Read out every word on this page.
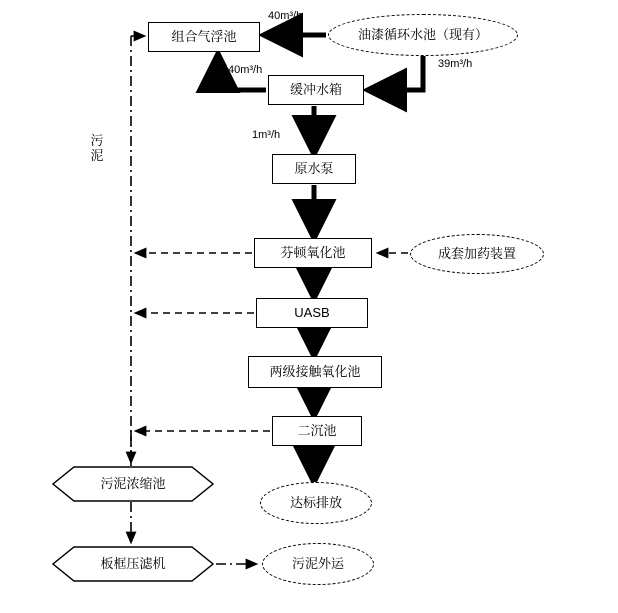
油漆循环水池（现有）
组合气浮池
缓冲水箱
原水泵
芬顿氧化池	成套加药装置
UASB
两级接触氧化池
二沉池
达标排放
污泥浓缩池
板框压滤机	污泥外运
40m³/h
39m³/h
40m³/h
1m³/h
污泥
